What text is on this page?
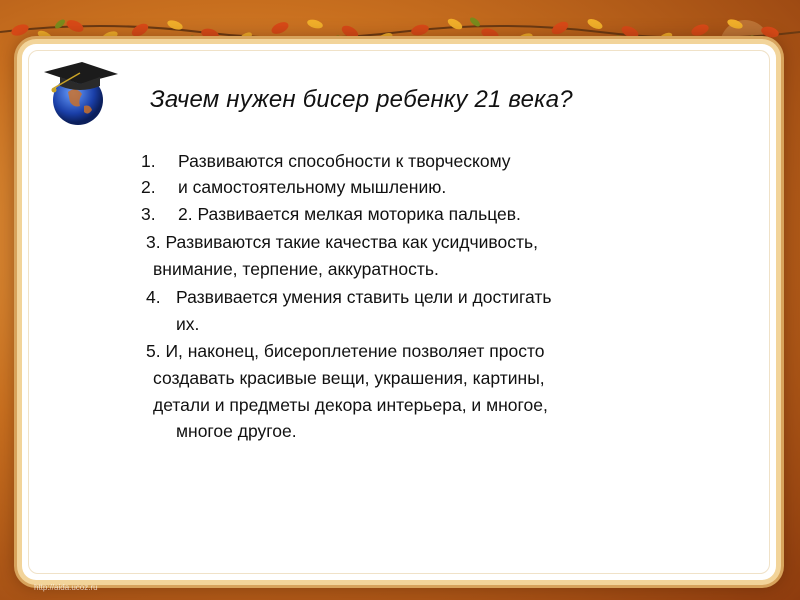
Зачем нужен бисер ребенку 21 века?
1. Развиваются способности к творческому
2. и самостоятельному мышлению.
3. 2. Развивается мелкая моторика пальцев.
3. Развиваются такие качества как усидчивость,
внимание, терпение, аккуратность.
4. Развивается умения ставить цели и достигать
их.
5. И, наконец, бисероплетение позволяет просто
создавать красивые вещи, украшения, картины,
детали и предметы декора интерьера, и многое,
многое другое.
http://aida.ucoz.ru
